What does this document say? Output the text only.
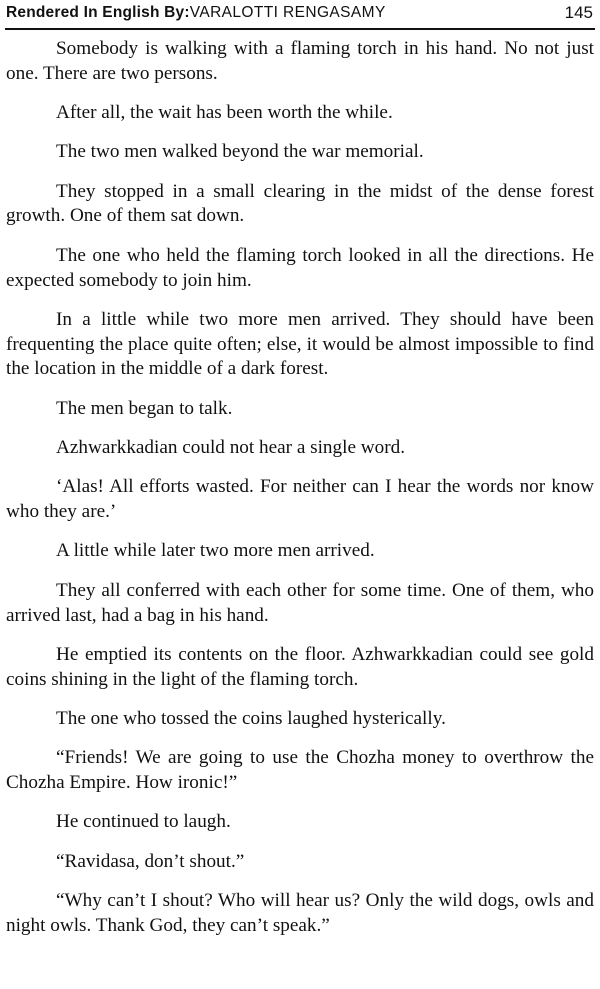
Rendered In English By:VARALOTTI RENGASAMY	145

Somebody is walking with a flaming torch in his hand. No not just one. There are two persons.

After all, the wait has been worth the while.

The two men walked beyond the war memorial.

They stopped in a small clearing in the midst of the dense forest growth. One of them sat down.

The one who held the flaming torch looked in all the directions. He expected somebody to join him.

In a little while two more men arrived. They should have been frequenting the place quite often; else, it would be almost impossible to find the location in the middle of a dark forest.

The men began to talk.

Azhwarkkadian could not hear a single word.

‘Alas! All efforts wasted. For neither can I hear the words nor know who they are.’

A little while later two more men arrived.

They all conferred with each other for some time. One of them, who arrived last, had a bag in his hand.

He emptied its contents on the floor. Azhwarkkadian could see gold coins shining in the light of the flaming torch.

The one who tossed the coins laughed hysterically.

“Friends! We are going to use the Chozha money to overthrow the Chozha Empire. How ironic!”

He continued to laugh.

“Ravidasa, don’t shout.”

“Why can’t I shout? Who will hear us? Only the wild dogs, owls and night owls. Thank God, they can’t speak.”
